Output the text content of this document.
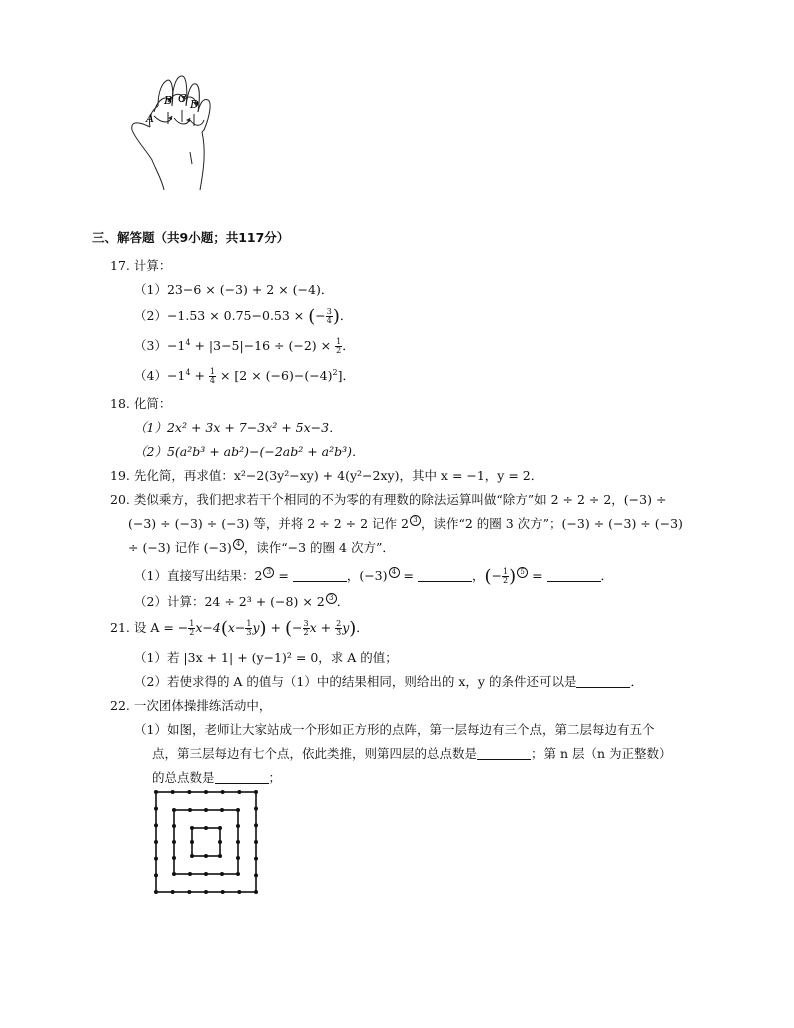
A
B C D
三、解答题（共9小题；共117分）
17. 计算：
（1）23−6 × (−3) + 2 × (−4)．
（2）−1.53 × 0.75−0.53 × (− $\frac{3}{4}$ )．
$(3)-1^4 + |3-5|-16 \div (-2) \times \frac{1}{2}$ ．
$(4)-1^4 + \frac{1}{4} \times [2 \times (-6)-(-4)^2]$．
18. 化简：
（1）2x² + 3x + 7−3x² + 5x−3．
（2）5(a²b³ + ab²)−(−2ab² + a²b³)．
19. 先化简，再求值：x²−2(3y²−xy) + 4(y²−2xy)，其中 x = −1，y = 2．
20. 类似乘方，我们把求若干个相同的不为零的有理数的除法运算叫做“除方”如 2 ÷ 2 ÷ 2，(−3) ÷
(−3) ÷ (−3) ÷ (−3) 等，并将 2 ÷ 2 ÷ 2 记作 2 3 ，读作“2 的圈 3 次方”；(−3) ÷ (−3) ÷ (−3)
÷ (−3) 记作 (−3) 4 ，读作“−3 的圈 4 次方”．
（1）直接写出结果：2 3 =	，(−3) 4 =	，(− $\frac{1}{2}$ ) 5 =	．
（2）计算：24 ÷ 2³ + (−8) × 2 3 ．
21. 设 A = − $\frac{1}{2} x-4(x- \frac{1}{3} y)$ + (− $\frac{3}{2}$ $x + \frac{2}{3} y$)．
（1）若 |3x + 1| + (y−1)² = 0，求 A 的值；
（2）若使求得的 A 的值与（1）中的结果相同，则给出的 x，y 的条件还可以是	．
22. 一次团体操排练活动中，
（1）如图，老师让大家站成一个形如正方形的点阵，第一层每边有三个点，第二层每边有五个
点，第三层每边有七个点，依此类推，则第四层的总点数是	；第 n 层（n 为正整数）
的总点数是	；
